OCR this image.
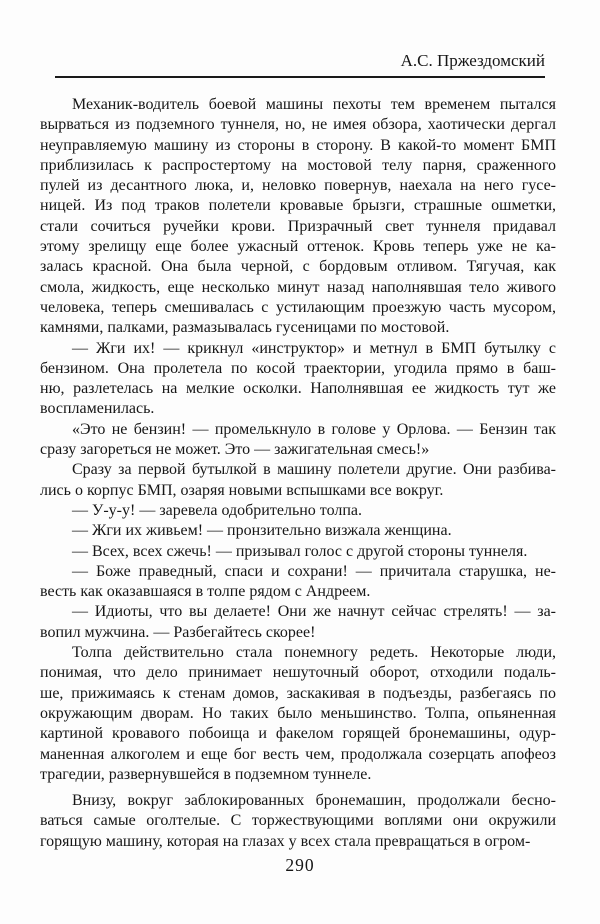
А.С. Пржездомский
Механик-водитель боевой машины пехоты тем временем пытался
вырваться из подземного туннеля, но, не имея обзора, хаотически дергал
неуправляемую машину из стороны в сторону. В какой-то момент БМП
приблизилась к распростертому на мостовой телу парня, сраженного
пулей из десантного люка, и, неловко повернув, наехала на него гусе-
ницей. Из под траков полетели кровавые брызги, страшные ошметки,
стали сочиться ручейки крови. Призрачный свет туннеля придавал
этому зрелищу еще более ужасный оттенок. Кровь теперь уже не ка-
залась красной. Она была черной, с бордовым отливом. Тягучая, как
смола, жидкость, еще несколько минут назад наполнявшая тело живого
человека, теперь смешивалась с устилающим проезжую часть мусором,
камнями, палками, размазывалась гусеницами по мостовой.
— Жги их! — крикнул «инструктор» и метнул в БМП бутылку с
бензином. Она пролетела по косой траектории, угодила прямо в баш-
ню, разлетелась на мелкие осколки. Наполнявшая ее жидкость тут же
воспламенилась.
«Это не бензин! — промелькнуло в голове у Орлова. — Бензин так
сразу загореться не может. Это — зажигательная смесь!»
Сразу за первой бутылкой в машину полетели другие. Они разбива-
лись о корпус БМП, озаряя новыми вспышками все вокруг.
— У-у-у! — заревела одобрительно толпа.
— Жги их живьем! — пронзительно визжала женщина.
— Всех, всех сжечь! — призывал голос с другой стороны туннеля.
— Боже праведный, спаси и сохрани! — причитала старушка, не-
весть как оказавшаяся в толпе рядом с Андреем.
— Идиоты, что вы делаете! Они же начнут сейчас стрелять! — за-
вопил мужчина. — Разбегайтесь скорее!
Толпа действительно стала понемногу редеть. Некоторые люди,
понимая, что дело принимает нешуточный оборот, отходили подаль-
ше, прижимаясь к стенам домов, заскакивая в подъезды, разбегаясь по
окружающим дворам. Но таких было меньшинство. Толпа, опьяненная
картиной кровавого побоища и факелом горящей бронемашины, одур-
маненная алкоголем и еще бог весть чем, продолжала созерцать апофеоз
трагедии, развернувшейся в подземном туннеле.
Внизу, вокруг заблокированных бронемашин, продолжали бесно-
ваться самые оголтелые. С торжествующими воплями они окружили
горящую машину, которая на глазах у всех стала превращаться в огром-
290
